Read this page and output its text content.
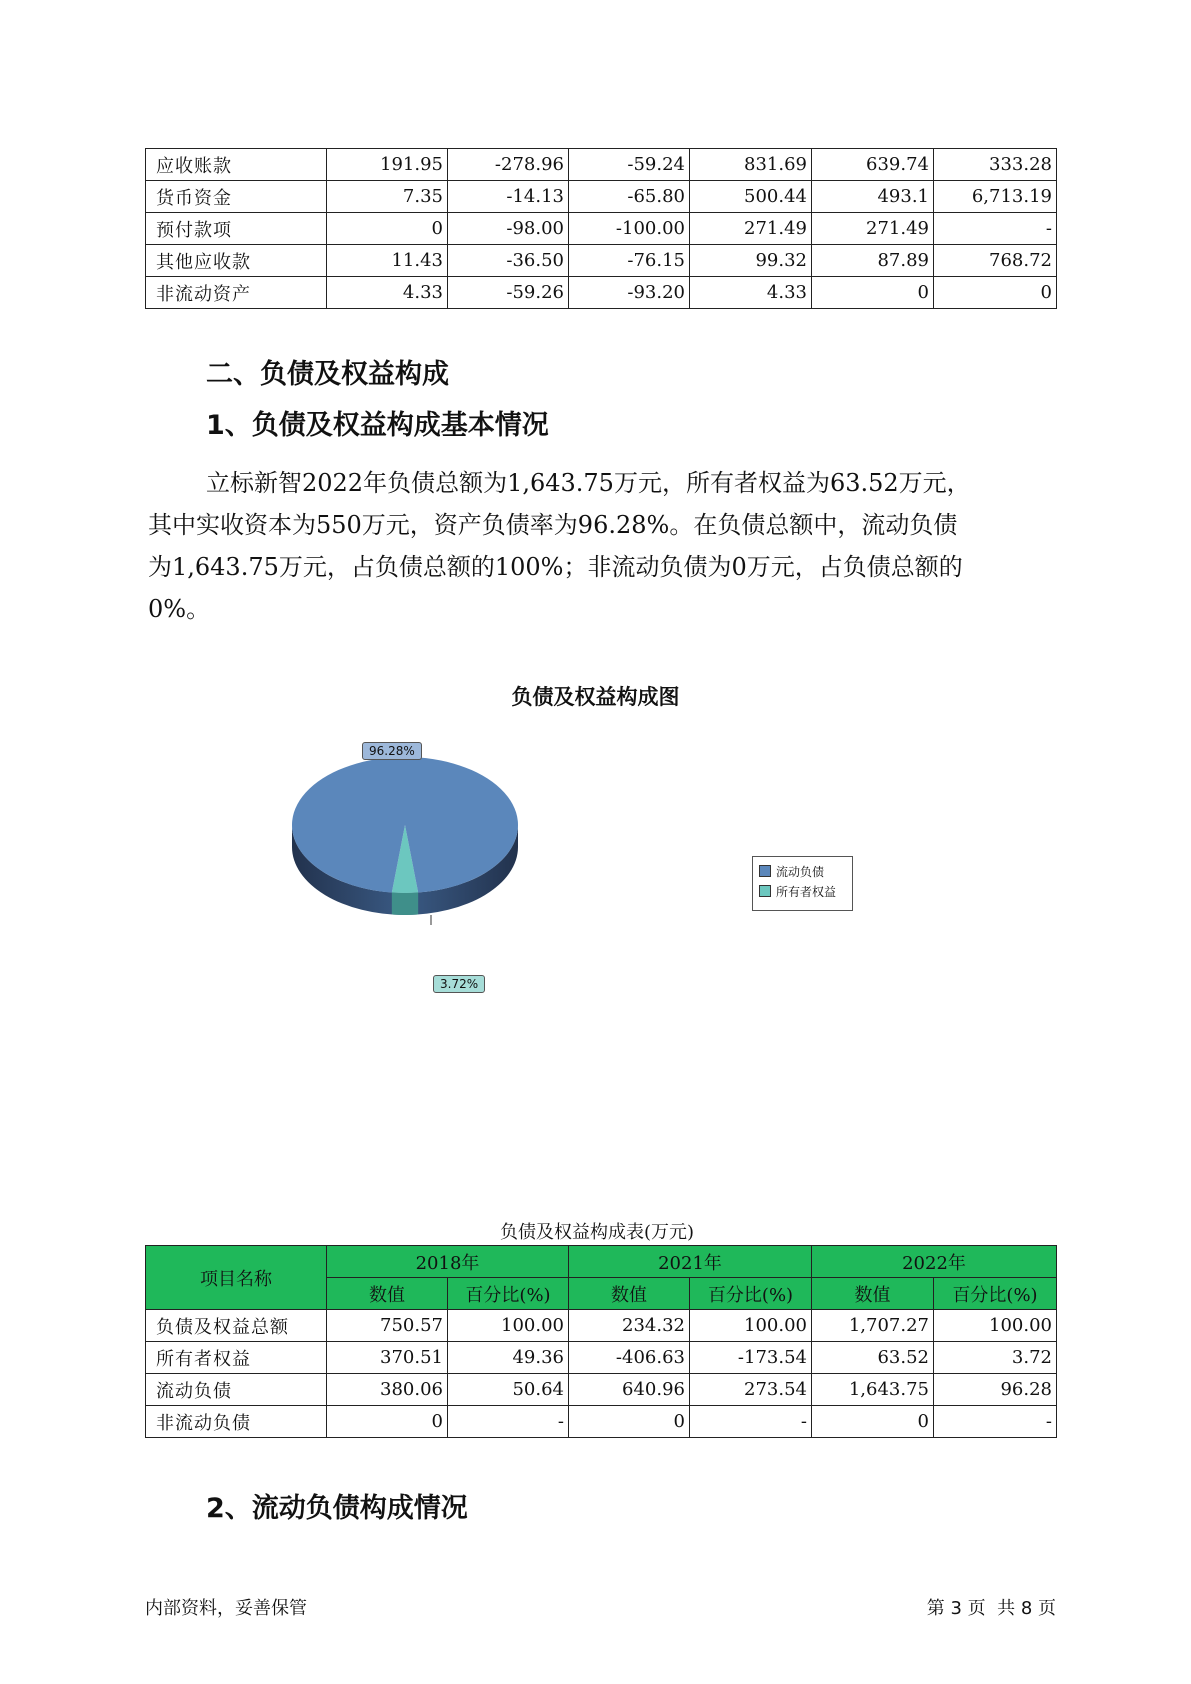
应收账款	191.95	-278.96	-59.24	831.69	639.74	333.28
货币资金	7.35	-14.13	-65.80	500.44	493.1	6,713.19
预付款项	0	-98.00	-100.00	271.49	271.49	-
其他应收款	11.43	-36.50	-76.15	99.32	87.89	768.72
非流动资产	4.33	-59.26	-93.20	4.33	0	0
二、负债及权益构成
1、负债及权益构成基本情况
立标新智2022年负债总额为1,643.75万元，所有者权益为63.52万元，
其中实收资本为550万元，资产负债率为96.28%。在负债总额中，流动负债
为1,643.75万元，占负债总额的100%；非流动负债为0万元，占负债总额的
0%。
负债及权益构成图
96.28%
3.72%
流动负债
所有者权益
负债及权益构成表(万元)
项目名称	2018年		2021年		2022年	
	数值	百分比(%)	数值	百分比(%)	数值	百分比(%)
负债及权益总额	750.57	100.00	234.32	100.00	1,707.27	100.00
所有者权益	370.51	49.36	-406.63	-173.54	63.52	3.72
流动负债	380.06	50.64	640.96	273.54	1,643.75	96.28
非流动负债	0	-	0	-	0	-
2、流动负债构成情况
内部资料，妥善保管	第 3 页  共 8 页
